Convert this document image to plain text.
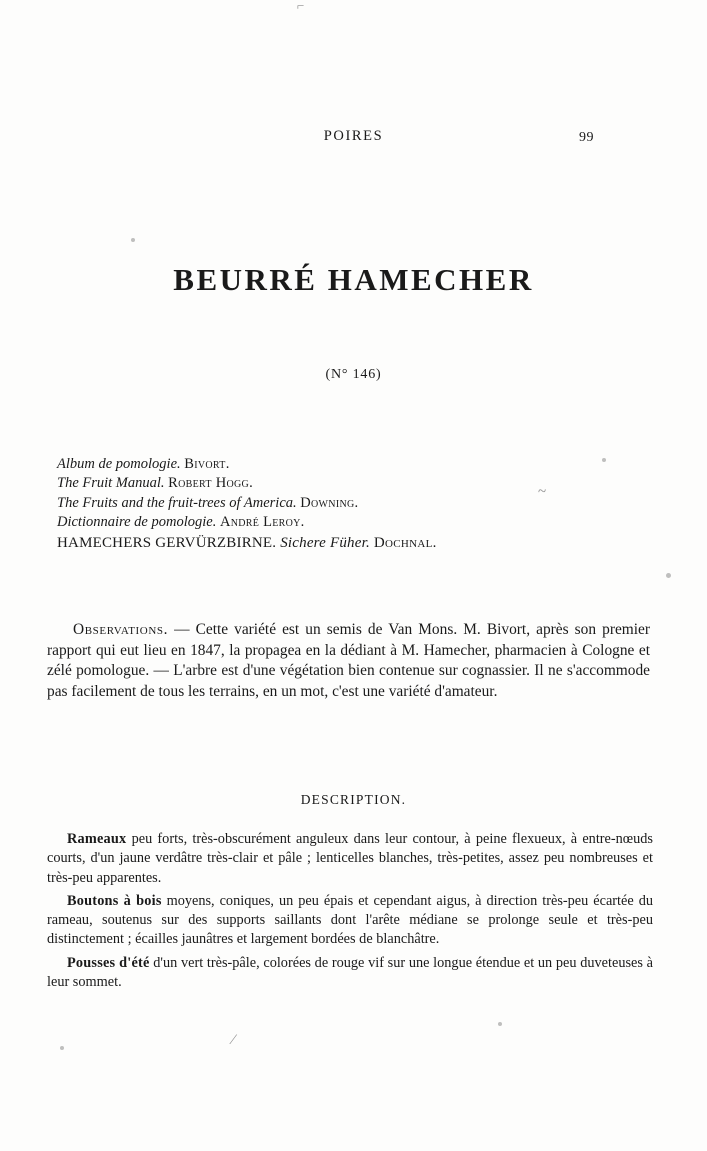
⌐
~
⁄
POIRES	99
BEURRÉ HAMECHER
(N° 146)
Album de pomologie. Bivort.
The Fruit Manual. Robert Hogg.
The Fruits and the fruit-trees of America. Downing.
Dictionnaire de pomologie. André Leroy.
HAMECHERS GERVÜRZBIRNE. Sichere Füher. Dochnal.
Observations. — Cette variété est un semis de Van Mons. M. Bivort, après son premier rapport qui eut lieu en 1847, la propagea en la dédiant à M. Hamecher, pharmacien à Cologne et zélé pomologue. — L'arbre est d'une végétation bien contenue sur cognassier. Il ne s'accommode pas facilement de tous les terrains, en un mot, c'est une variété d'amateur.
DESCRIPTION.

Rameaux peu forts, très-obscurément anguleux dans leur contour, à peine flexueux, à entre-nœuds courts, d'un jaune verdâtre très-clair et pâle ; lenticelles blanches, très-petites, assez peu nombreuses et très-peu apparentes.

Boutons à bois moyens, coniques, un peu épais et cependant aigus, à direction très-peu écartée du rameau, soutenus sur des supports saillants dont l'arête médiane se prolonge seule et très-peu distinctement ; écailles jaunâtres et largement bordées de blanchâtre.

Pousses d'été d'un vert très-pâle, colorées de rouge vif sur une longue étendue et un peu duveteuses à leur sommet.
